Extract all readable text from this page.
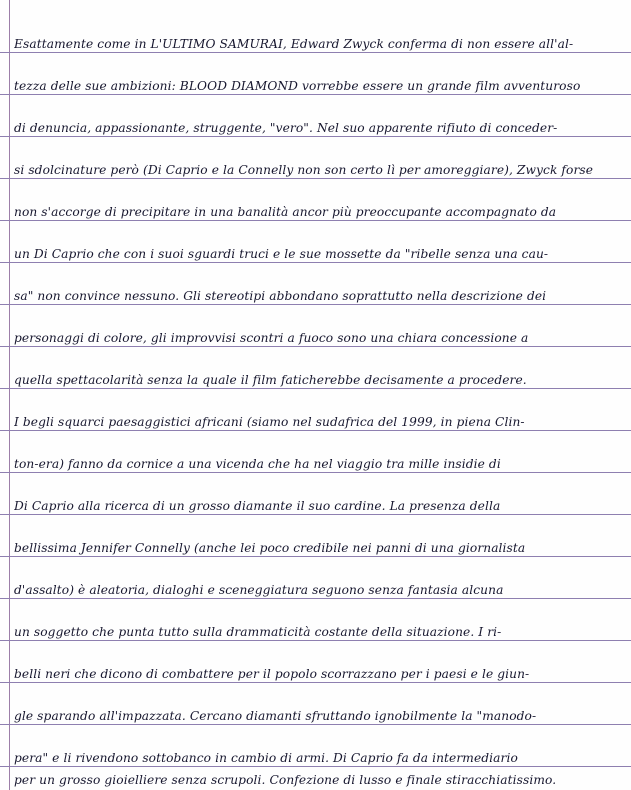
Esattamente come in L'ULTIMO SAMURAI, Edward Zwyck conferma di non essere all'al-
tezza delle sue ambizioni: BLOOD DIAMOND vorrebbe essere un grande film avventuroso
di denuncia, appassionante, struggente, "vero". Nel suo apparente rifiuto di conceder-
si sdolcinature però (Di Caprio e la Connelly non son certo lì per amoreggiare), Zwyck forse
non s'accorge di precipitare in una banalità ancor più preoccupante accompagnato da
un Di Caprio che con i suoi sguardi truci e le sue mossette da "ribelle senza una cau-
sa" non convince nessuno. Gli stereotipi abbondano soprattutto nella descrizione dei
personaggi di colore, gli improvvisi scontri a fuoco sono una chiara concessione a
quella spettacolarità senza la quale il film faticherebbe decisamente a procedere.
I begli squarci paesaggistici africani (siamo nel sudafrica del 1999, in piena Clin-
ton-era) fanno da cornice a una vicenda che ha nel viaggio tra mille insidie di
Di Caprio alla ricerca di un grosso diamante il suo cardine. La presenza della
bellissima Jennifer Connelly (anche lei poco credibile nei panni di una giornalista
d'assalto) è aleatoria, dialoghi e sceneggiatura seguono senza fantasia alcuna
un soggetto che punta tutto sulla drammaticità costante della situazione. I ri-
belli neri che dicono di combattere per il popolo scorrazzano per i paesi e le giun-
gle sparando all'impazzata. Cercano diamanti sfruttando ignobilmente la "manodo-
pera" e li rivendono sottobanco in cambio di armi. Di Caprio fa da intermediario
per un grosso gioielliere senza scrupoli. Confezione di lusso e finale stiracchiatissimo.
